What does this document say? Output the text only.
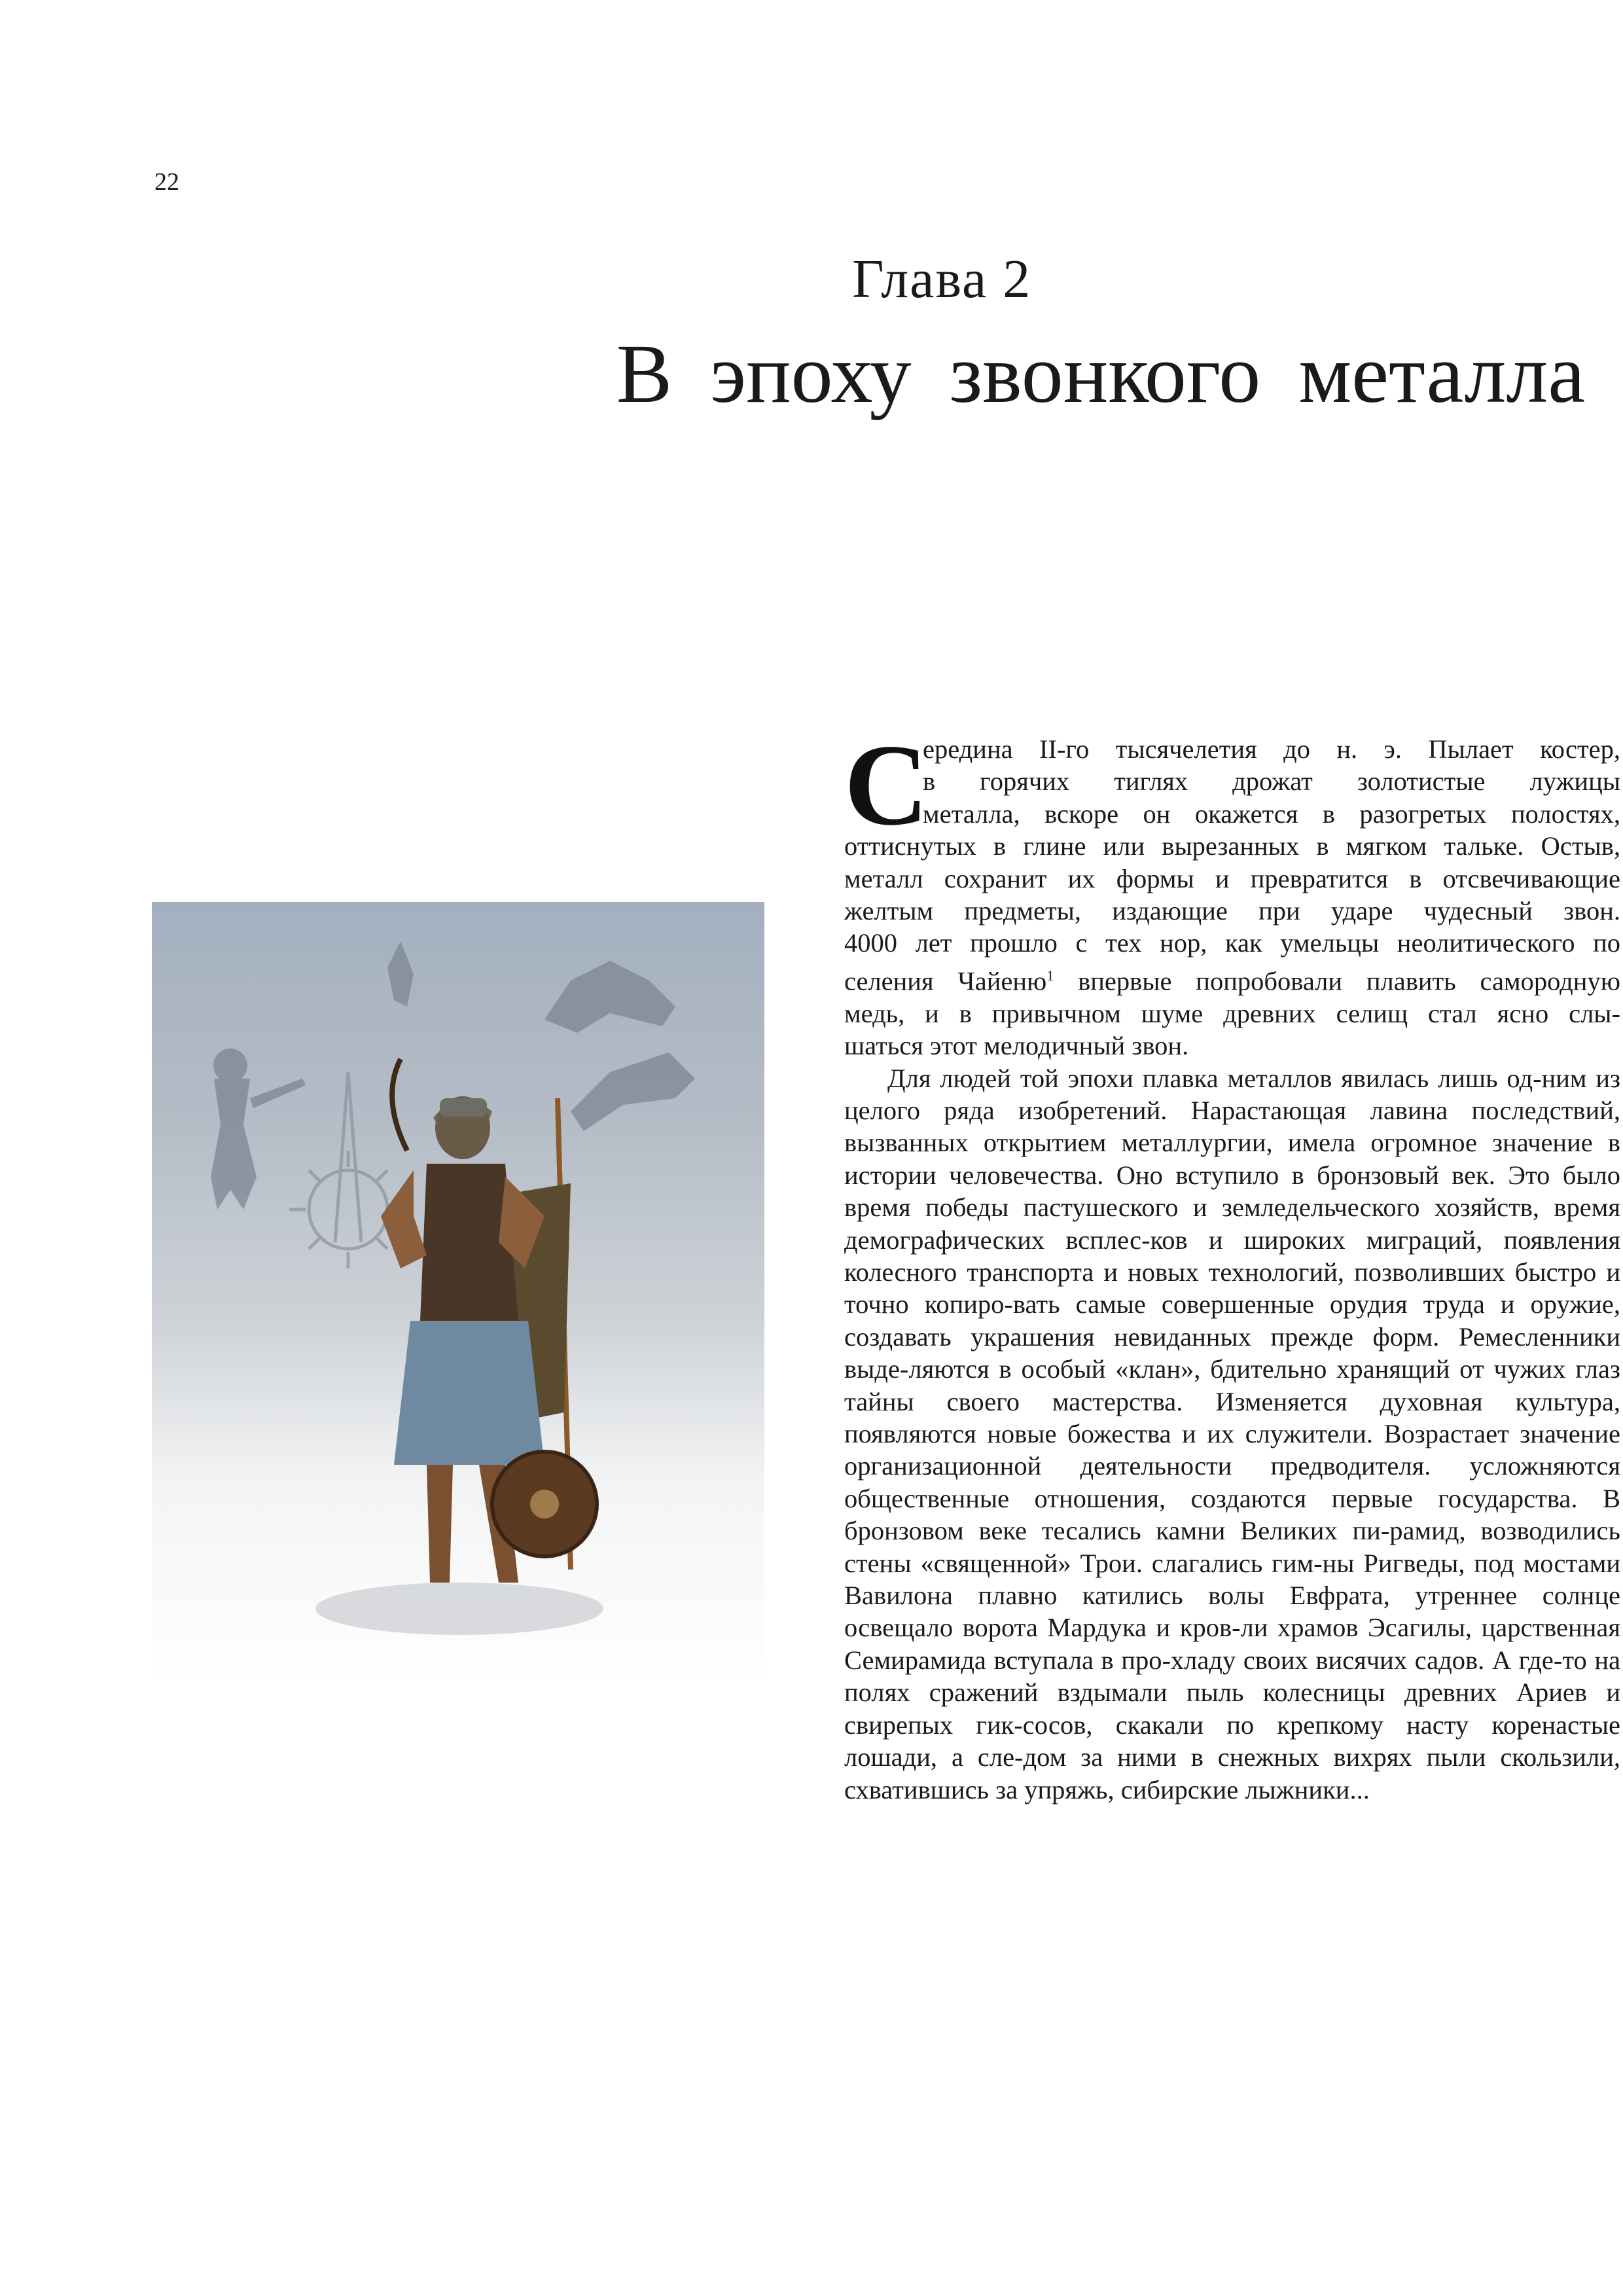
22
Глава 2
В эпоху звонкого металла
С

ередина II-го тысячелетия до н. э. Пылает костер,
в горячих тиглях дрожат золотистые лужицы
металла, вскоре он окажется в разогретых полостях,
оттиснутых в глине или вырезанных в мягком тальке. Остыв,
металл сохранит их формы и превратится в отсвечивающие
желтым предметы, издающие при ударе чудесный звон.
4000 лет прошло с тех нор, как умельцы неолитического по
селения Чайеню$^1$ впервые попробовали плавить самородную
медь, и в привычном шуме древних селищ стал ясно слы-
шаться этот мелодичный звон.

Для людей той эпохи плавка металлов явилась лишь од-ним из целого ряда изобретений. Нарастающая лавина последствий, вызванных открытием металлургии, имела огромное значение в истории человечества. Оно вступило в бронзовый век. Это было время победы пастушеского и земледельческого хозяйств, время демографических всплес-ков и широких миграций, появления колесного транспорта и новых технологий, позволивших быстро и точно копиро-вать самые совершенные орудия труда и оружие, создавать украшения невиданных прежде форм. Ремесленники выде-ляются в особый «клан», бдительно хранящий от чужих глаз тайны своего мастерства. Изменяется духовная культура, появляются новые божества и их служители. Возрастает значение организационной деятельности предводителя. усложняются общественные отношения, создаются первые государства. В бронзовом веке тесались камни Великих пи-рамид, возводились стены «священной» Трои. слагались гим-ны Ригведы, под мостами Вавилона плавно катились волы Евфрата, утреннее солнце освещало ворота Мардука и кров-ли храмов Эсагилы, царственная Семирамида вступала в про-хладу своих висячих садов. А где-то на полях сражений вздымали пыль колесницы древних Ариев и свирепых гик-сосов, скакали по крепкому насту коренастые лошади, а сле-дом за ними в снежных вихрях пыли скользили, схватившись за упряжь, сибирские лыжники...
